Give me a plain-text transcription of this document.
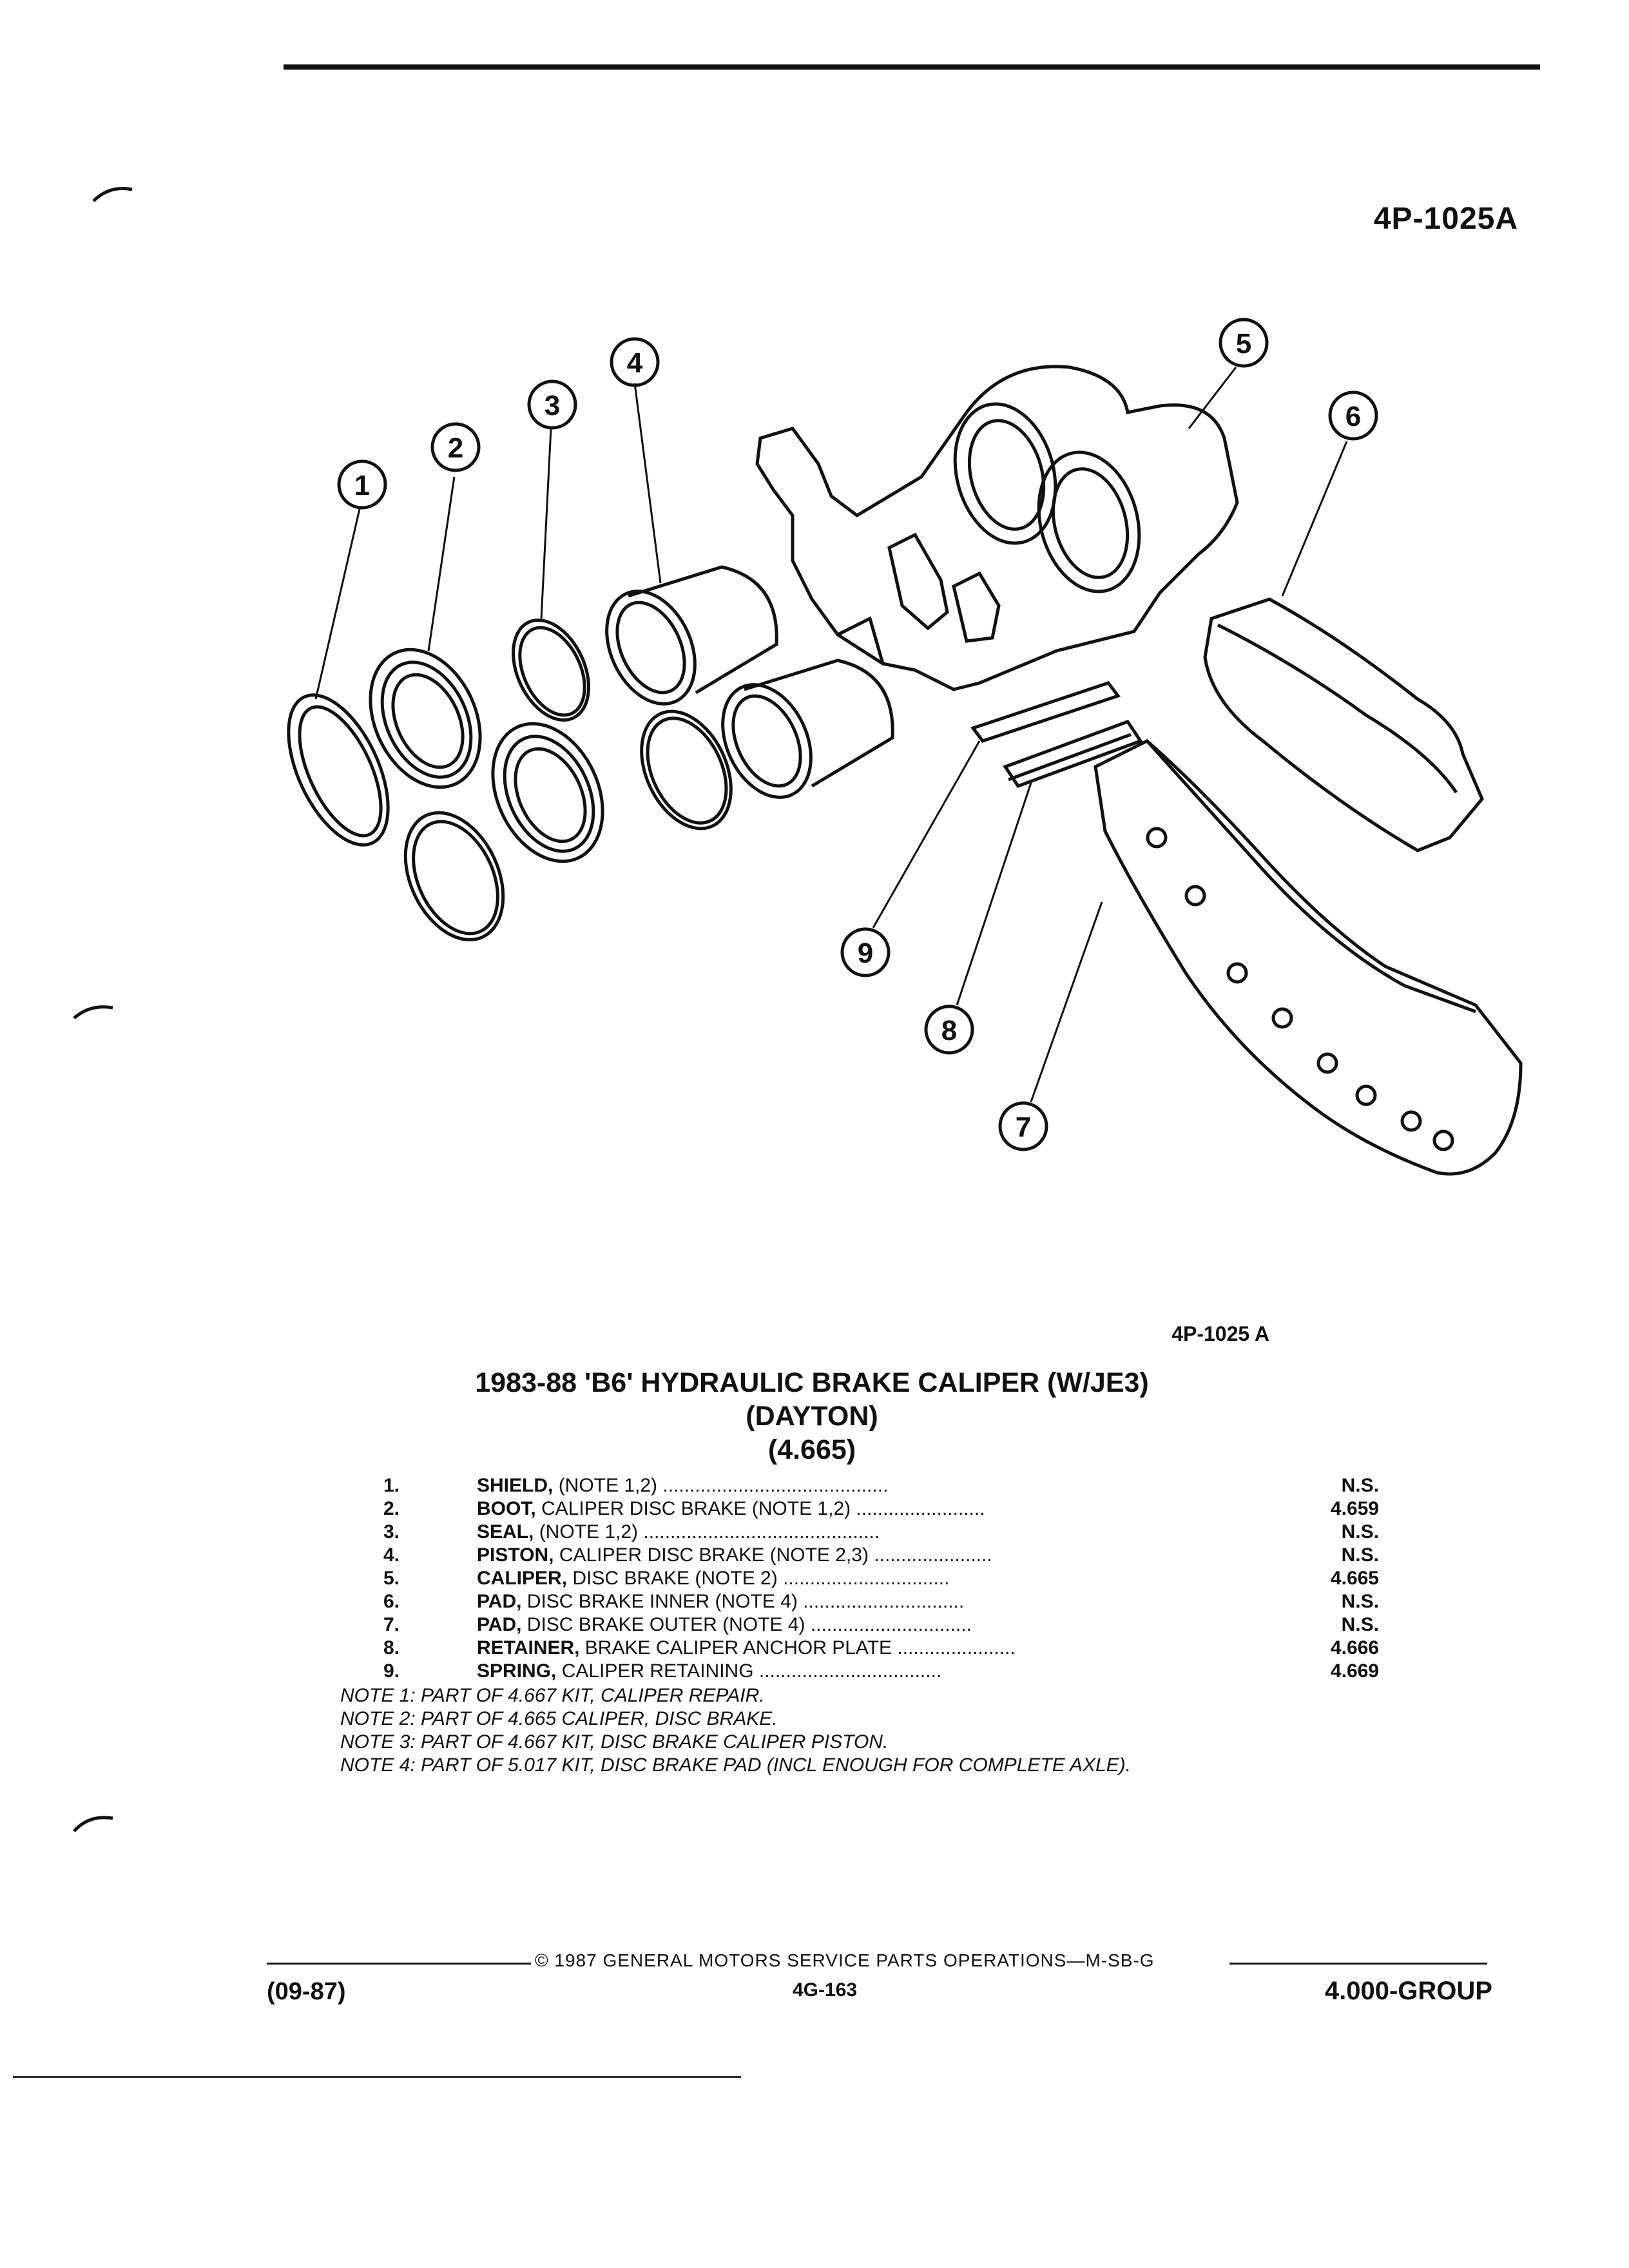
4P-1025A
1
2
3
4
5
6
7
8
9
4P-1025 A
1983-88 'B6' HYDRAULIC BRAKE CALIPER (W/JE3)
(DAYTON)
(4.665)
1.	SHIELD, (NOTE 1,2) ..........................................	N.S.
2.	BOOT, CALIPER DISC BRAKE (NOTE 1,2) ........................	4.659
3.	SEAL, (NOTE 1,2) ............................................	N.S.
4.	PISTON, CALIPER DISC BRAKE (NOTE 2,3) ......................	N.S.
5.	CALIPER, DISC BRAKE (NOTE 2) ...............................	4.665
6.	PAD, DISC BRAKE INNER (NOTE 4) ..............................	N.S.
7.	PAD, DISC BRAKE OUTER (NOTE 4) ..............................	N.S.
8.	RETAINER, BRAKE CALIPER ANCHOR PLATE ......................	4.666
9.	SPRING, CALIPER RETAINING ..................................	4.669
NOTE 1: PART OF 4.667 KIT, CALIPER REPAIR.
NOTE 2: PART OF 4.665 CALIPER, DISC BRAKE.
NOTE 3: PART OF 4.667 KIT, DISC BRAKE CALIPER PISTON.
NOTE 4: PART OF 5.017 KIT, DISC BRAKE PAD (INCL ENOUGH FOR COMPLETE AXLE).
© 1987 GENERAL MOTORS SERVICE PARTS OPERATIONS—M-SB-G
(09-87)	4G-163	4.000-GROUP
